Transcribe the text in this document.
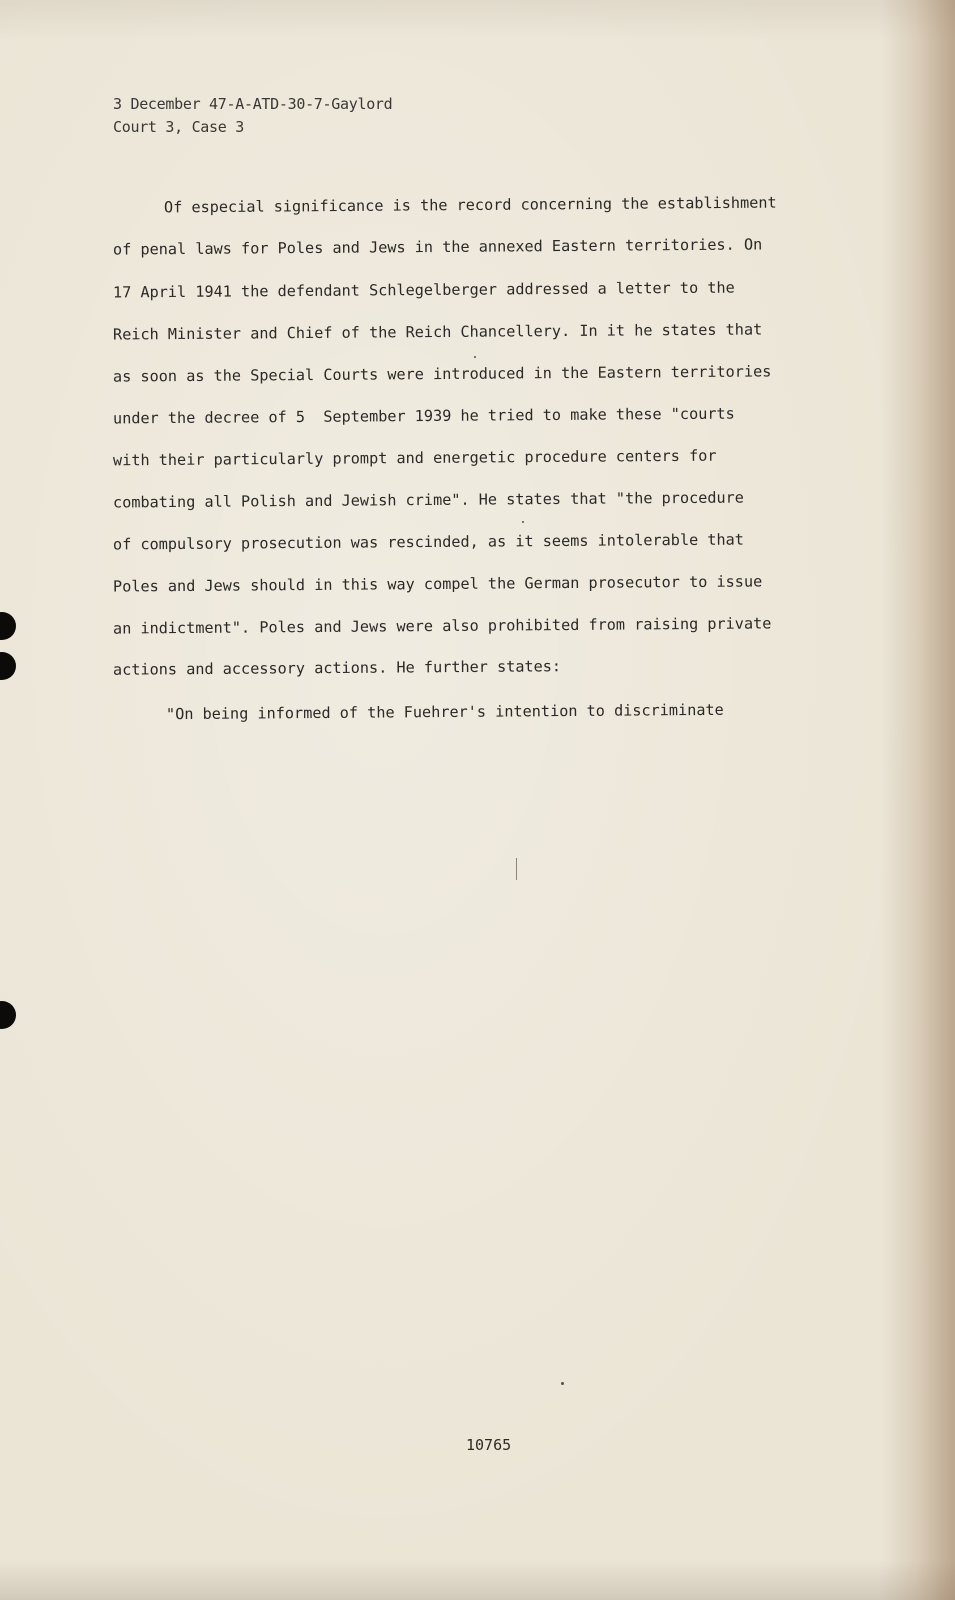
3 December 47-A-ATD-30-7-Gaylord
Court 3, Case 3
Of especial significance is the record concerning the establishment
of penal laws for Poles and Jews in the annexed Eastern territories. On
17 April 1941 the defendant Schlegelberger addressed a letter to the
Reich Minister and Chief of the Reich Chancellery. In it he states that
as soon as the Special Courts were introduced in the Eastern territories
under the decree of 5  September 1939 he tried to make these "courts
with their particularly prompt and energetic procedure centers for
combating all Polish and Jewish crime". He states that "the procedure
of compulsory prosecution was rescinded, as it seems intolerable that
Poles and Jews should in this way compel the German prosecutor to issue
an indictment". Poles and Jews were also prohibited from raising private
actions and accessory actions. He further states:
"On being informed of the Fuehrer's intention to discriminate
10765
